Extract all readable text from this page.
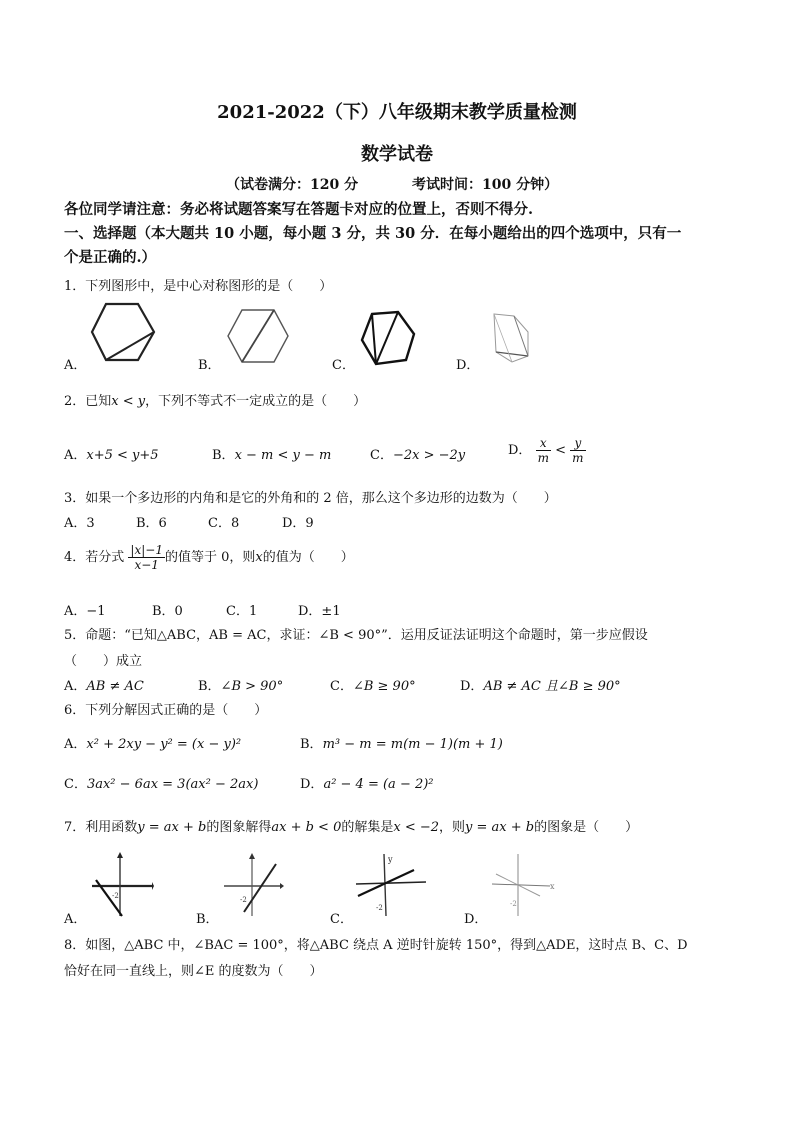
2021-2022（下）八年级期末教学质量检测
数学试卷
（试卷满分：120 分	考试时间：100 分钟）
各位同学请注意：务必将试题答案写在答题卡对应的位置上，否则不得分.
一、选择题（本大题共 10 小题，每小题 3 分，共 30 分．在每小题给出的四个选项中，只有一
个是正确的.）
1．下列图形中，是中心对称图形的是（　　）
A．	B．	C．	D．
2．已知x < y，下列不等式不一定成立的是（　　）
A．x+5 < y+5	B．x − m < y − m	C．−2x > −2y	D． $\frac{x}{m} < \frac{y}{m}$
3．如果一个多边形的内角和是它的外角和的 2 倍，那么这个多边形的边数为（　　）
A．3	B．6	C．8	D．9
4．若分式 $\frac{|x|-1}{x-1}$ 的值等于 0，则x的值为（　　）
A．−1	B．0	C．1	D．±1
5．命题：“已知△ABC，AB = AC，求证：∠B < 90°”．运用反证法证明这个命题时，第一步应假设
（　　）成立
A．AB ≠ AC	B．∠B > 90°	C．∠B ≥ 90°	D．AB ≠ AC 且∠B ≥ 90°
6．下列分解因式正确的是（　　）
A．x² + 2xy − y² = (x − y)²	B．m³ − m = m(m − 1)(m + 1)
C．3ax² − 6ax = 3(ax² − 2ax)	D．a² − 4 = (a − 2)²
7．利用函数y = ax + b的图象解得ax + b < 0的解集是x < −2，则y = ax + b的图象是（　　）
A．	B．	C．	D．
-2	-2
y
-2
x
-2
8．如图，△ABC 中，∠BAC = 100°，将△ABC 绕点 A 逆时针旋转 150°，得到△ADE，这时点 B、C、D
恰好在同一直线上，则∠E 的度数为（　　）
